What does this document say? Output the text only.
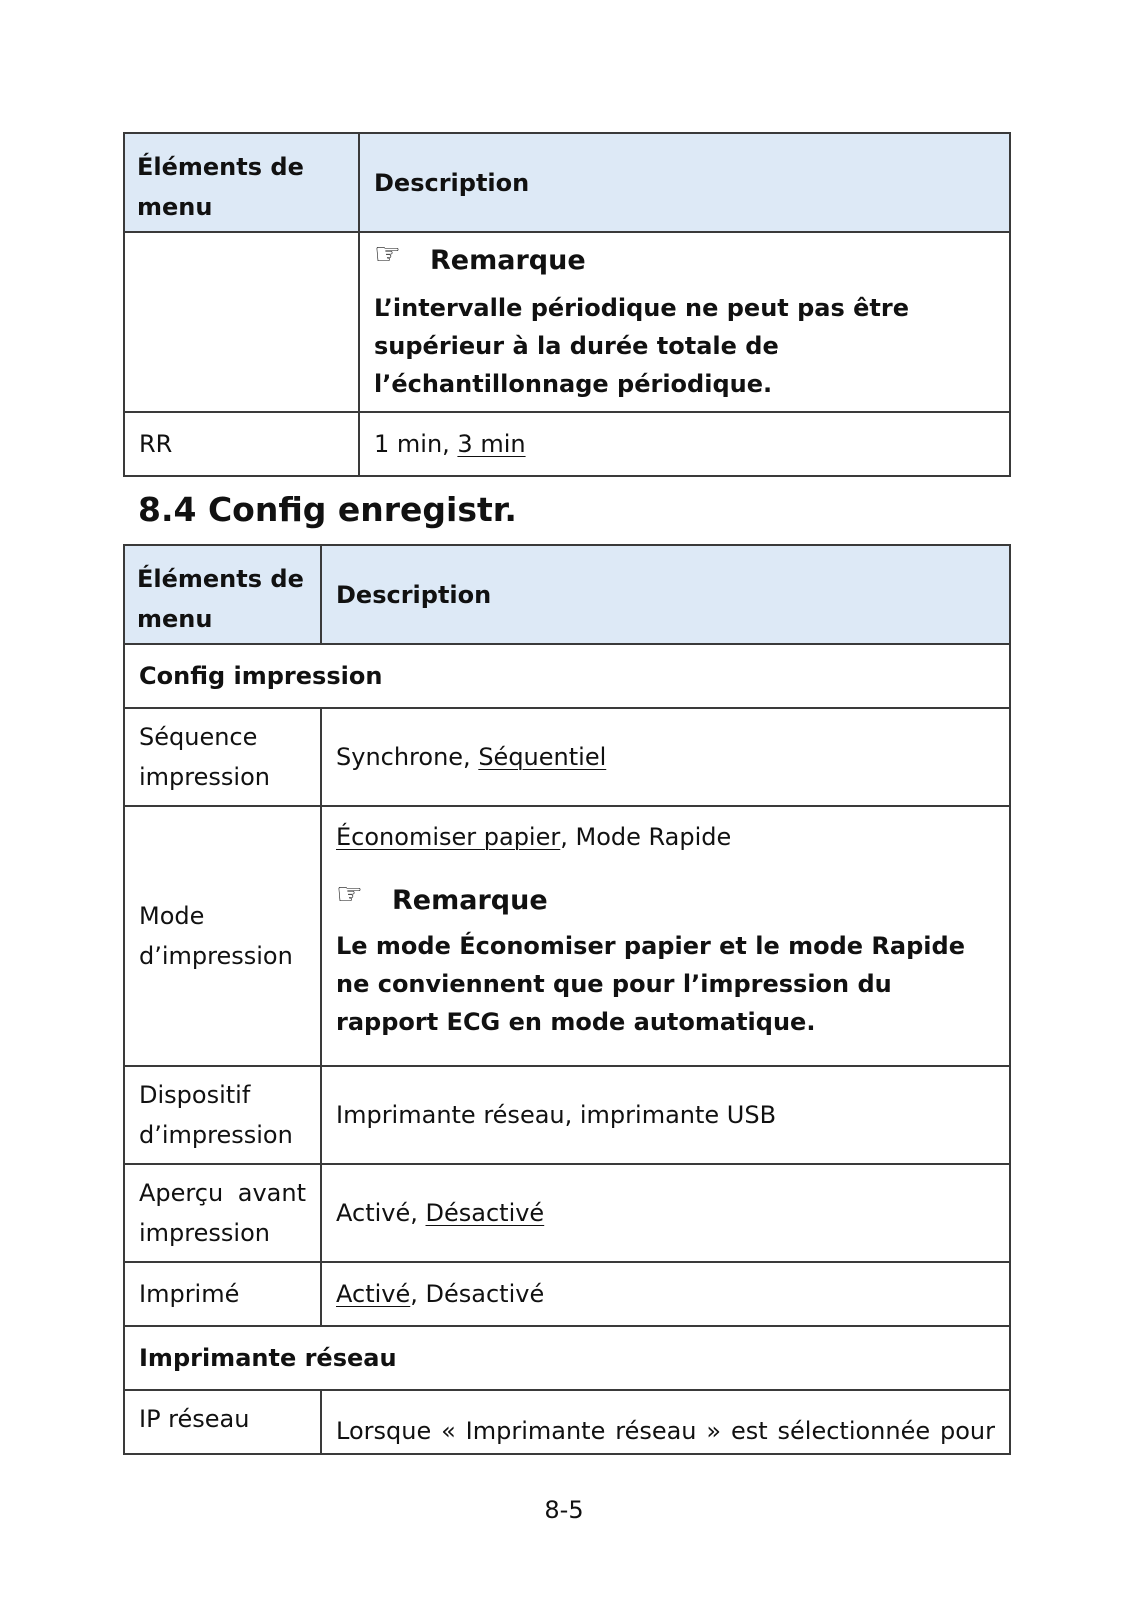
Éléments de menu	Description

	☞ Remarque
L’intervalle périodique ne peut pas être supérieur à la durée totale de l’échantillonnage périodique.

RR	1 min, 3 min
8.4 Config enregistr.
Éléments de menu	Description
Config impression	
Séquence impression	Synchrone, Séquentiel
Mode d’impression	Économiser papier, Mode Rapide
☞ Remarque
Le mode Économiser papier et le mode Rapide ne conviennent que pour l’impression du rapport ECG en mode automatique.

Dispositif d’impression	Imprimante réseau, imprimante USB

Aperçu avant
impression	Activé, Désactivé
Imprimé	Activé, Désactivé
Imprimante réseau	
IP réseau	Lorsque « Imprimante réseau » est sélectionnée pour
8-5
